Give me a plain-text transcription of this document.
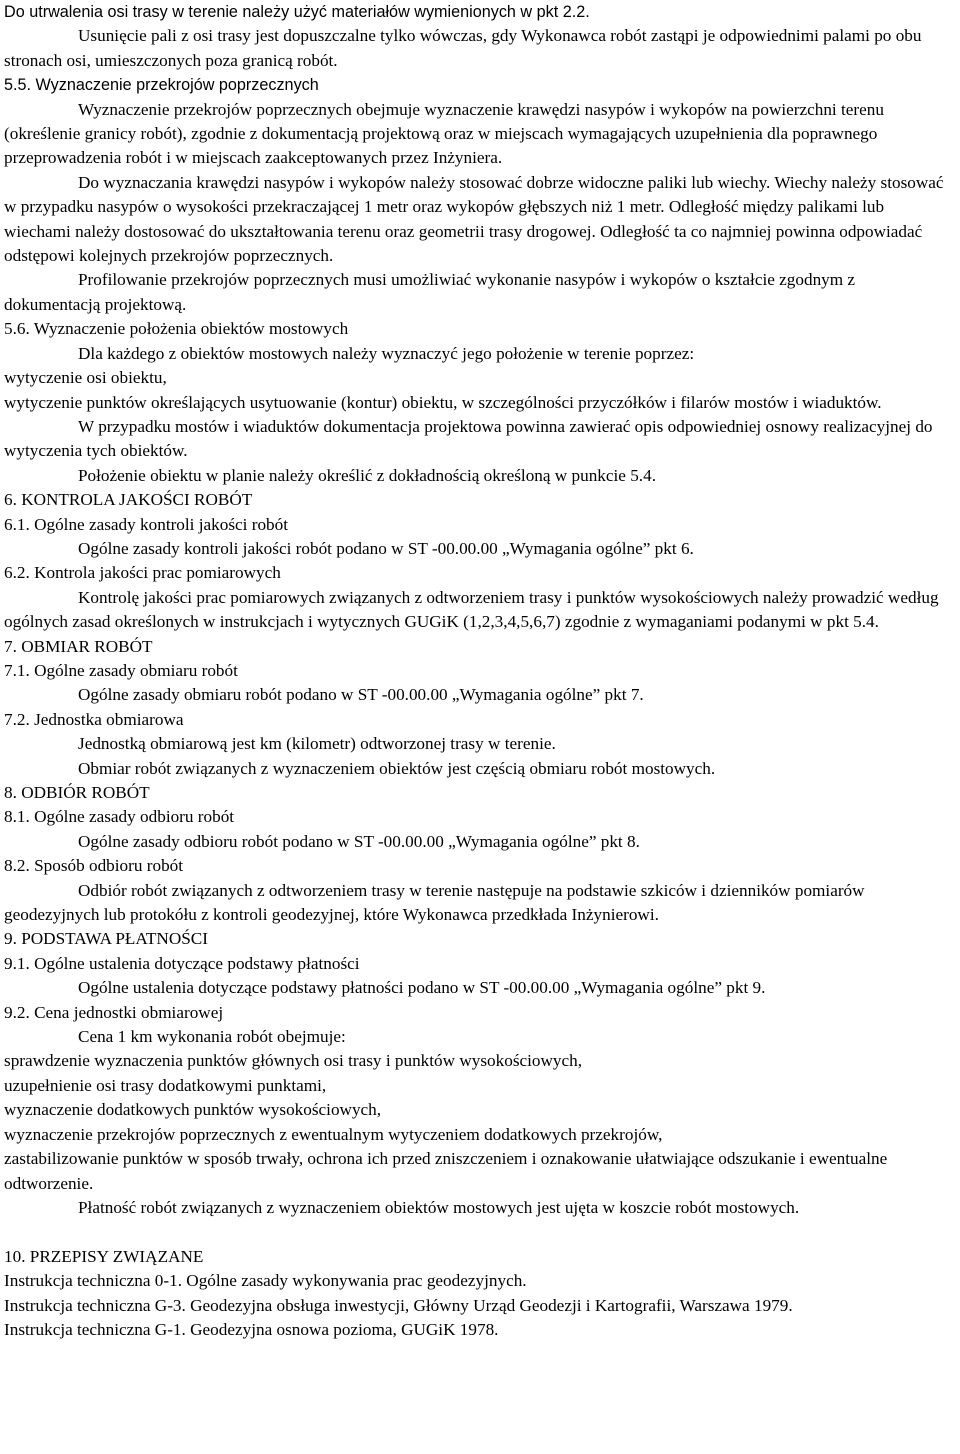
Do utrwalenia osi trasy w terenie należy użyć materiałów wymienionych w pkt 2.2.

Usunięcie pali z osi trasy jest dopuszczalne tylko wówczas, gdy Wykonawca robót zastąpi je odpowiednimi palami po obu stronach osi, umieszczonych poza granicą robót.

5.5. Wyznaczenie przekrojów poprzecznych

Wyznaczenie przekrojów poprzecznych obejmuje wyznaczenie krawędzi nasypów i wykopów na powierzchni terenu (określenie granicy robót), zgodnie z dokumentacją projektową oraz w miejscach wymagających uzupełnienia dla poprawnego przeprowadzenia robót i w miejscach zaakceptowanych przez Inżyniera.

Do wyznaczania krawędzi nasypów i wykopów należy stosować dobrze widoczne paliki lub wiechy. Wiechy należy stosować w przypadku nasypów o wysokości przekraczającej 1 metr oraz wykopów głębszych niż 1 metr. Odległość między palikami lub wiechami należy dostosować do ukształtowania terenu oraz geometrii trasy drogowej. Odległość ta co najmniej powinna odpowiadać odstępowi kolejnych przekrojów poprzecznych.

Profilowanie przekrojów poprzecznych musi umożliwiać wykonanie nasypów i wykopów o kształcie zgodnym z dokumentacją projektową.

5.6. Wyznaczenie położenia obiektów mostowych

Dla każdego z obiektów mostowych należy wyznaczyć jego położenie w terenie poprzez:

wytyczenie osi obiektu,

wytyczenie punktów określających usytuowanie (kontur) obiektu, w szczególności przyczółków i filarów mostów i wiaduktów.

W przypadku mostów i wiaduktów dokumentacja projektowa powinna zawierać opis odpowiedniej osnowy realizacyjnej do wytyczenia tych obiektów.

Położenie obiektu w planie należy określić z dokładnością określoną w punkcie 5.4.

6. KONTROLA JAKOŚCI ROBÓT

6.1. Ogólne zasady kontroli jakości robót

Ogólne zasady kontroli jakości robót podano w ST -00.00.00 „Wymagania ogólne” pkt 6.

6.2. Kontrola jakości prac pomiarowych

Kontrolę jakości prac pomiarowych związanych z odtworzeniem trasy i punktów wysokościowych należy prowadzić według ogólnych zasad określonych w instrukcjach i wytycznych GUGiK (1,2,3,4,5,6,7) zgodnie z wymaganiami podanymi w pkt 5.4.

7. OBMIAR ROBÓT

7.1. Ogólne zasady obmiaru robót

Ogólne zasady obmiaru robót podano w ST -00.00.00 „Wymagania ogólne” pkt 7.

7.2. Jednostka obmiarowa

Jednostką obmiarową jest km (kilometr) odtworzonej trasy w terenie.

Obmiar robót związanych z wyznaczeniem obiektów jest częścią obmiaru robót mostowych.

8. ODBIÓR ROBÓT

8.1. Ogólne zasady odbioru robót

Ogólne zasady odbioru robót podano w ST -00.00.00 „Wymagania ogólne” pkt 8.

8.2. Sposób odbioru robót

Odbiór robót związanych z odtworzeniem trasy w terenie następuje na podstawie szkiców i dzienników pomiarów geodezyjnych lub protokółu z kontroli geodezyjnej, które Wykonawca przedkłada Inżynierowi.

9. PODSTAWA PŁATNOŚCI

9.1. Ogólne ustalenia dotyczące podstawy płatności

Ogólne ustalenia dotyczące podstawy płatności podano w ST -00.00.00 „Wymagania ogólne” pkt 9.

9.2. Cena jednostki obmiarowej

Cena 1 km wykonania robót obejmuje:

sprawdzenie wyznaczenia punktów głównych osi trasy i punktów wysokościowych,

uzupełnienie osi trasy dodatkowymi punktami,

wyznaczenie dodatkowych punktów wysokościowych,

wyznaczenie przekrojów poprzecznych z ewentualnym wytyczeniem dodatkowych przekrojów,

zastabilizowanie punktów w sposób trwały, ochrona ich przed zniszczeniem i oznakowanie ułatwiające odszukanie i ewentualne odtworzenie.

Płatność robót związanych z wyznaczeniem obiektów mostowych jest ujęta w koszcie robót mostowych.

10. PRZEPISY ZWIĄZANE

Instrukcja techniczna 0-1. Ogólne zasady wykonywania prac geodezyjnych.

Instrukcja techniczna G-3. Geodezyjna obsługa inwestycji, Główny Urząd Geodezji i Kartografii, Warszawa 1979.

Instrukcja techniczna G-1. Geodezyjna osnowa pozioma, GUGiK 1978.
